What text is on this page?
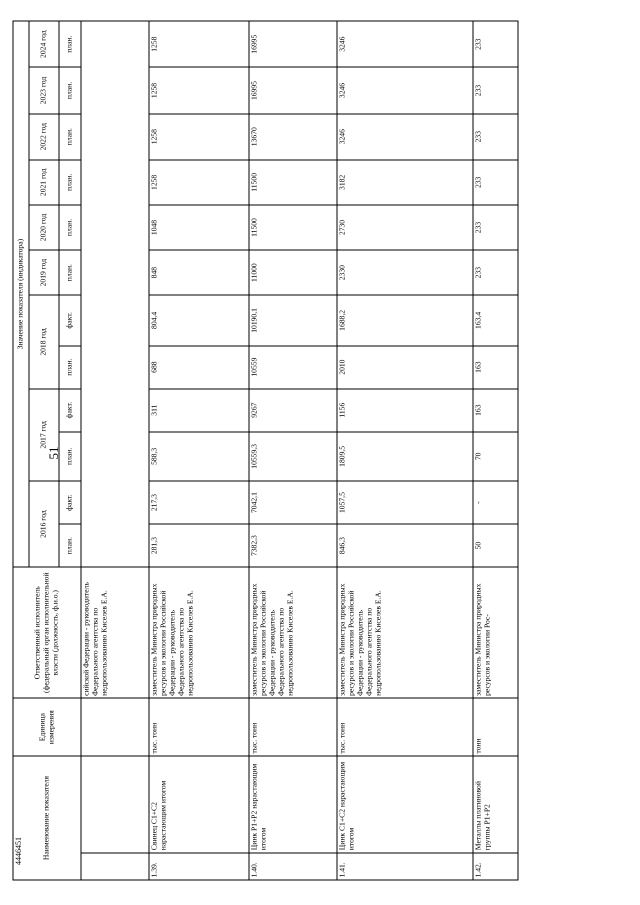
51
4446451 Наименование показателя		Единица измерения	Ответственный исполнитель (федеральный орган исполнительной власти (должность, ф.и.о.)	Значение показателя (индикатора)											
				2016 год		2017 год		2018 год		2019 год	2020 год	2021 год	2022 год	2023 год	2024 год
				план.	факт.	план.	факт.	план.	факт.	план.	план.	план.	план.	план.	план.
			сийской Федерации - руководитель Федерального агентства по недропользованию Киселев Е.А.												
1.39.	Свинец С1+С2 нарастающим итогом	тыс. тонн	заместитель Министра природных ресурсов и экологии Российской Федерации - руководитель Федерального агентства по недропользованию Киселев Е.А.	281,3	217,3	588,3	311	688	804,4	848	1048	1258	1258	1258	1258
1.40.	Цинк Р1+Р2 нарастающим итогом	тыс. тонн	заместитель Министра природных ресурсов и экологии Российской Федерации - руководитель Федерального агентства по недропользованию Киселев Е.А.	7382,3	7042,1	10559,3	9267	10559	10190,1	11000	11500	11500	13670	16995	16995
1.41.	Цинк С1+С2 нарастающим итогом	тыс. тонн	заместитель Министра природных ресурсов и экологии Российской Федерации - руководитель Федерального агентства по недропользованию Киселев Е.А.	846,3	1057,5	1809,5	1156	2010	1688,2	2330	2730	3182	3246	3246	3246
1.42.	Металлы платиновой группы Р1+Р2	тонн	заместитель Министра природных ресурсов и экологии Рос-	50	-	70	163	163	163,4	233	233	233	233	233	233
